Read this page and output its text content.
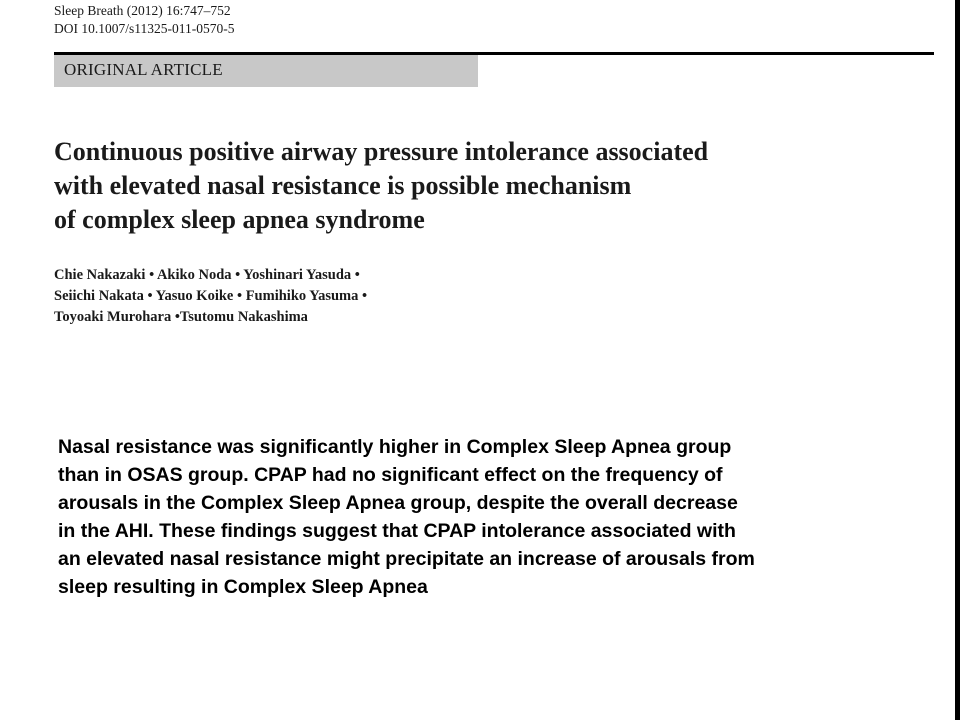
Sleep Breath (2012) 16:747–752
DOI 10.1007/s11325-011-0570-5
ORIGINAL ARTICLE
Continuous positive airway pressure intolerance associated
with elevated nasal resistance is possible mechanism
of complex sleep apnea syndrome
Chie Nakazaki • Akiko Noda • Yoshinari Yasuda •
Seiichi Nakata • Yasuo Koike • Fumihiko Yasuma •
Toyoaki Murohara •Tsutomu Nakashima
Nasal resistance was significantly higher in Complex Sleep Apnea group
than in OSAS group. CPAP had no significant effect on the frequency of
arousals in the Complex Sleep Apnea group, despite the overall decrease
in the AHI. These findings suggest that CPAP intolerance associated with
an elevated nasal resistance might precipitate an increase of arousals from
sleep resulting in Complex Sleep Apnea
